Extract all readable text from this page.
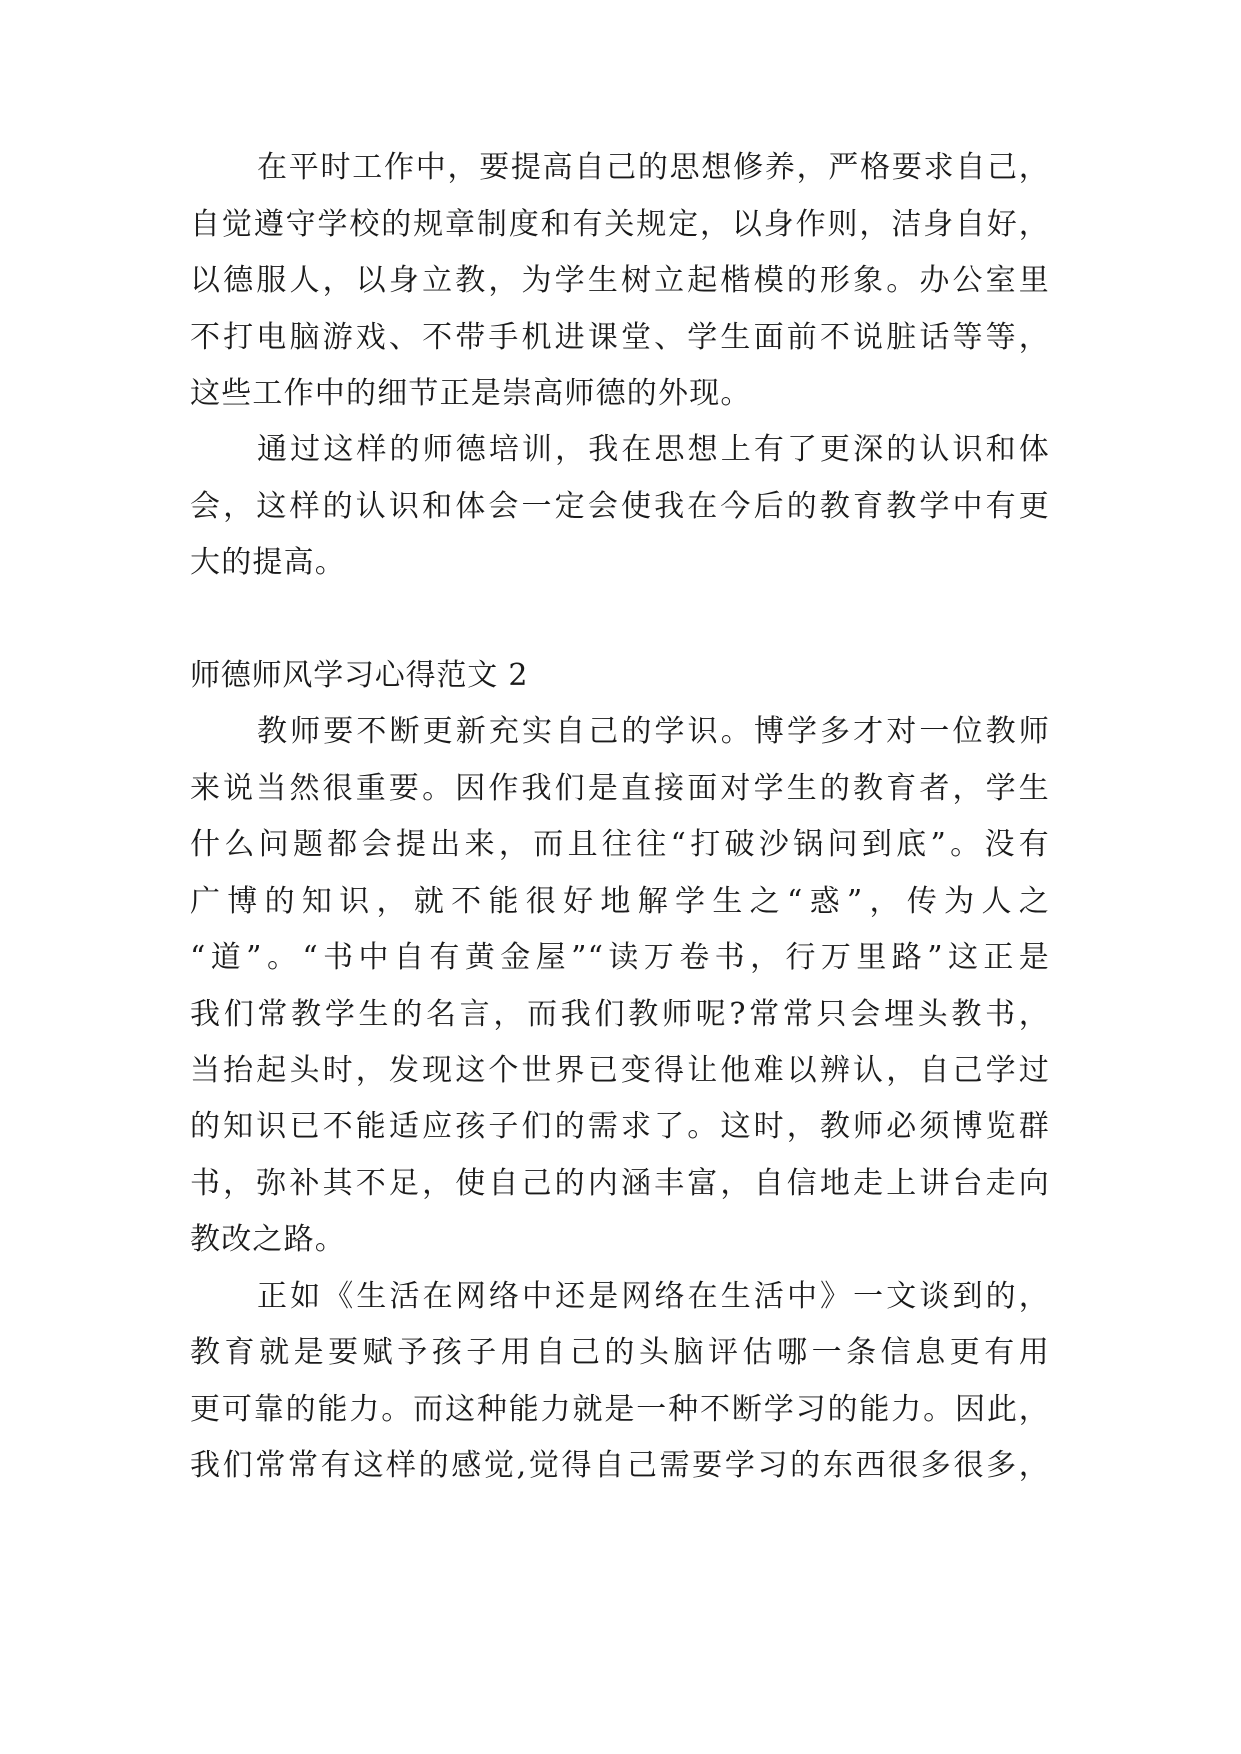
在平时工作中，要提高自己的思想修养，严格要求自己，
自觉遵守学校的规章制度和有关规定，以身作则，洁身自好，
以德服人，以身立教，为学生树立起楷模的形象。办公室里
不打电脑游戏、不带手机进课堂、学生面前不说脏话等等，
这些工作中的细节正是崇高师德的外现。
通过这样的师德培训，我在思想上有了更深的认识和体
会，这样的认识和体会一定会使我在今后的教育教学中有更
大的提高。
师德师风学习心得范文 2
教师要不断更新充实自己的学识。博学多才对一位教师
来说当然很重要。因作我们是直接面对学生的教育者，学生
什么问题都会提出来，而且往往“打破沙锅问到底”。没有
广博的知识，就不能很好地解学生之“惑”，传为人之
“道”。“书中自有黄金屋”“读万卷书，行万里路”这正是
我们常教学生的名言，而我们教师呢?常常只会埋头教书，
当抬起头时，发现这个世界已变得让他难以辨认，自己学过
的知识已不能适应孩子们的需求了。这时，教师必须博览群
书，弥补其不足，使自己的内涵丰富，自信地走上讲台走向
教改之路。
正如《生活在网络中还是网络在生活中》一文谈到的，
教育就是要赋予孩子用自己的头脑评估哪一条信息更有用
更可靠的能力。而这种能力就是一种不断学习的能力。因此，
我们常常有这样的感觉,觉得自己需要学习的东西很多很多，
